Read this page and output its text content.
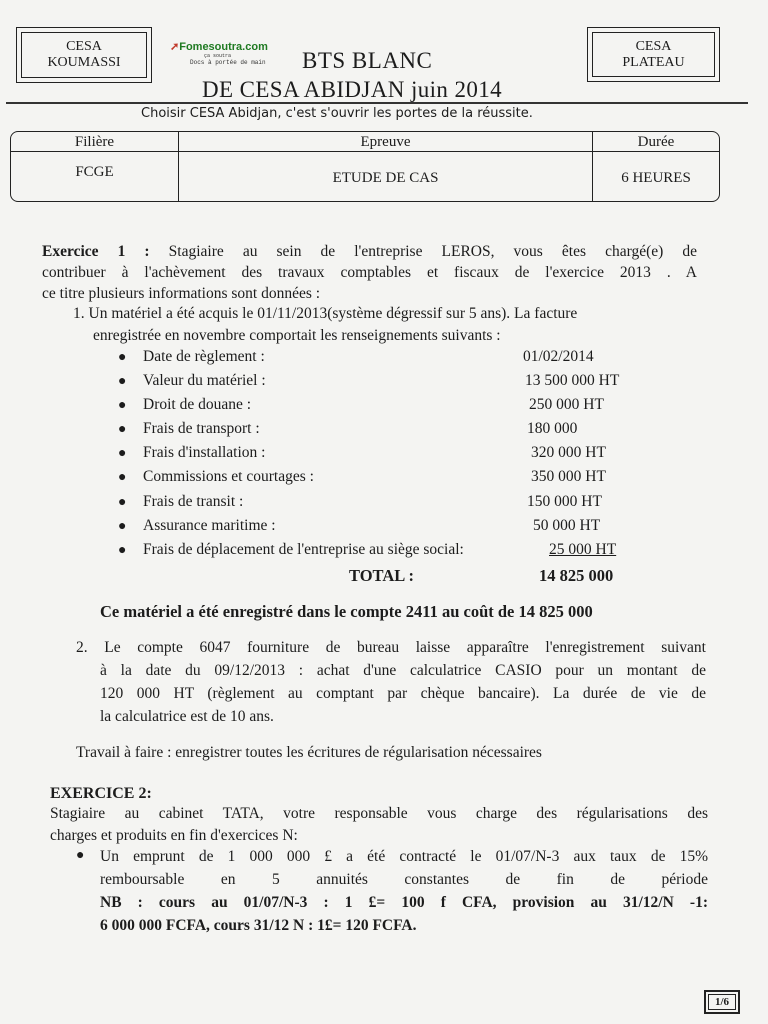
CESA
KOUMASSI
CESA
PLATEAU
➚Fomesoutra.com
ça soutra
Docs à portée de main	BTS BLANC
DE CESA ABIDJAN juin 2014
Choisir CESA Abidjan, c'est s'ouvrir les portes de la réussite.
Filière	Epreuve	Durée
FCGE	ETUDE DE CAS	6 HEURES
Exercice 1 : Stagiaire au sein de l'entreprise LEROS, vous êtes chargé(e) de
contribuer à l'achèvement des travaux comptables et fiscaux de l'exercice 2013 . A
ce titre plusieurs informations sont données :
1. Un matériel a été acquis le 01/11/2013(système dégressif sur 5 ans). La facture
enregistrée en novembre comportait les renseignements suivants :
● Date de règlement :	01/02/2014
● Valeur du matériel :	13 500 000 HT
● Droit de douane :	250 000 HT
● Frais de transport :	180 000
● Frais d'installation :	320 000 HT
● Commissions et courtages :	350 000 HT
● Frais de transit :	150 000 HT
● Assurance maritime :	50 000 HT
● Frais de déplacement de l'entreprise au siège social:	25 000 HT
TOTAL :	14 825 000
Ce matériel a été enregistré dans le compte 2411 au coût de 14 825 000
2. Le compte 6047 fourniture de bureau laisse apparaître l'enregistrement suivant
à la date du 09/12/2013 : achat d'une calculatrice CASIO pour un montant de
120 000 HT (règlement au comptant par chèque bancaire). La durée de vie de
la calculatrice est de 10 ans.
Travail à faire : enregistrer toutes les écritures de régularisation nécessaires
EXERCICE 2:
Stagiaire au cabinet TATA, votre responsable vous charge des régularisations des
charges et produits en fin d'exercices N:
● Un emprunt de 1 000 000 £ a été contracté le 01/07/N-3 aux taux de 15%
remboursable en 5 annuités constantes de fin de période
NB : cours au 01/07/N-3 : 1 £= 100 f CFA, provision au 31/12/N -1:
6 000 000 FCFA, cours 31/12 N : 1£= 120 FCFA.
1/6
